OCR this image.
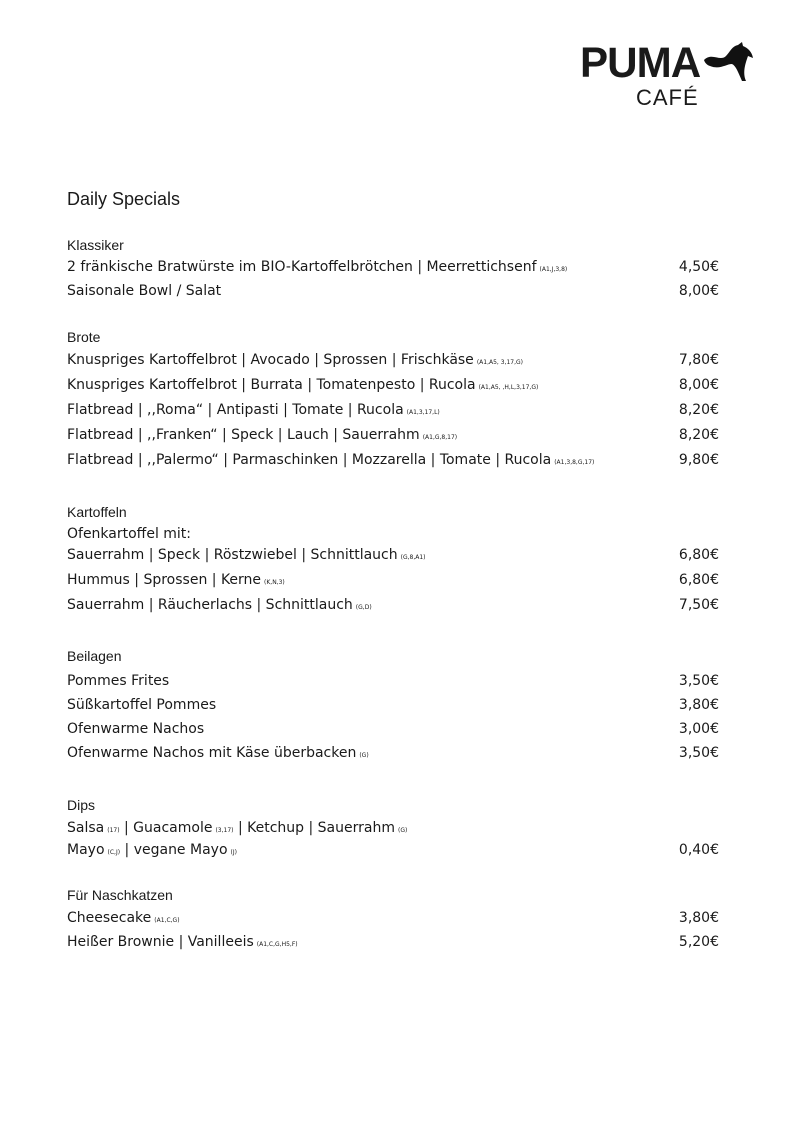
PUMA
CAFÉ
Daily Specials
Klassiker
2 fränkische Bratwürste im BIO-Kartoffelbrötchen | Meerrettichsenf (A1,J,3,8)	4,50€
Saisonale Bowl / Salat	8,00€
Brote
Knuspriges Kartoffelbrot | Avocado | Sprossen | Frischkäse (A1,A5, 3,17,G)	7,80€
Knuspriges Kartoffelbrot | Burrata | Tomatenpesto | Rucola (A1,A5, ,H,L,3,17,G)	8,00€
Flatbread | ,,Roma“ | Antipasti | Tomate | Rucola (A1,3,17,L)	8,20€
Flatbread | ,,Franken“ | Speck | Lauch | Sauerrahm (A1,G,8,17)	8,20€
Flatbread | ,,Palermo“ | Parmaschinken | Mozzarella | Tomate | Rucola (A1,3,8,G,17)	9,80€
Kartoffeln
Ofenkartoffel mit:
Sauerrahm | Speck | Röstzwiebel | Schnittlauch (G,8,A1)	6,80€
Hummus | Sprossen | Kerne (K,N,3)	6,80€
Sauerrahm | Räucherlachs | Schnittlauch (G,D)	7,50€
Beilagen
Pommes Frites	3,50€
Süßkartoffel Pommes	3,80€
Ofenwarme Nachos	3,00€
Ofenwarme Nachos mit Käse überbacken (G)	3,50€
Dips
Salsa (17) | Guacamole (3,17) | Ketchup | Sauerrahm (G)
Mayo (C,J) | vegane Mayo (J)	0,40€
Für Naschkatzen
Cheesecake (A1,C,G)	3,80€
Heißer Brownie | Vanilleeis (A1,C,G,H5,F)	5,20€
